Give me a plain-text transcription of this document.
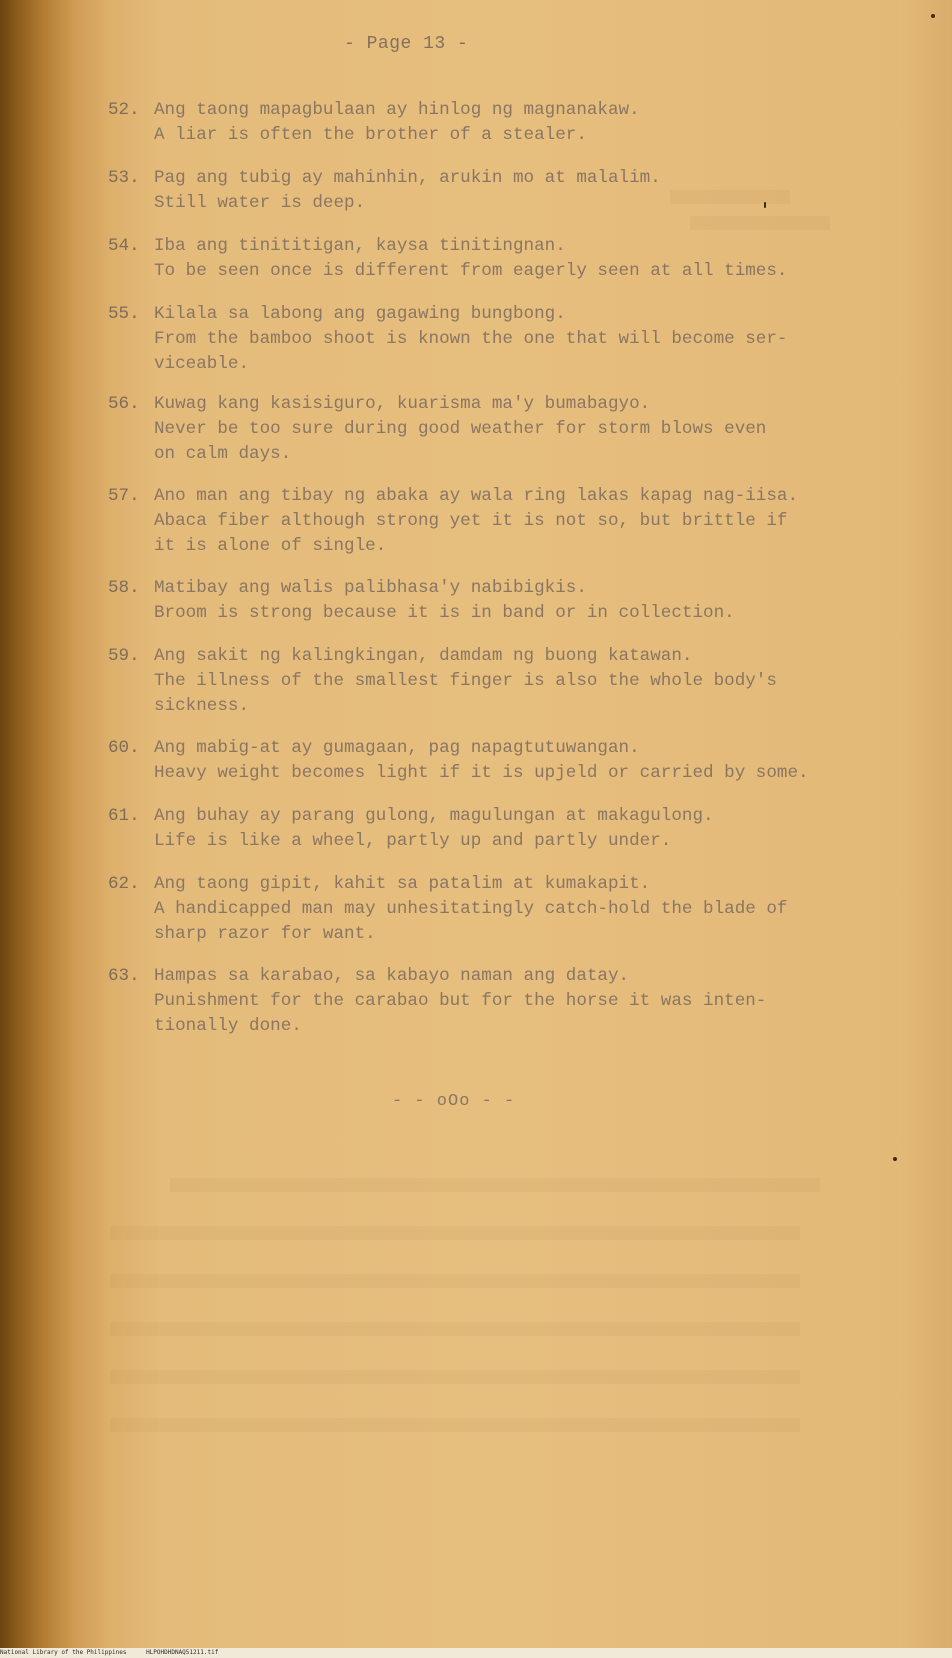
- Page 13 -
52. Ang taong mapagbulaan ay hinlog ng magnanakaw.
A liar is often the brother of a stealer.
53. Pag ang tubig ay mahinhin, arukin mo at malalim.
Still water is deep.
54. Iba ang tinititigan, kaysa tinitingnan.
To be seen once is different from eagerly seen at all times.
55. Kilala sa labong ang gagawing bungbong.
From the bamboo shoot is known the one that will become ser-
viceable.
56. Kuwag kang kasisiguro, kuarisma ma'y bumabagyo.
Never be too sure during good weather for storm blows even
on calm days.
57. Ano man ang tibay ng abaka ay wala ring lakas kapag nag-iisa.
Abaca fiber although strong yet it is not so, but brittle if
it is alone of single.
58. Matibay ang walis palibhasa'y nabibigkis.
Broom is strong because it is in band or in collection.
59. Ang sakit ng kalingkingan, damdam ng buong katawan.
The illness of the smallest finger is also the whole body's
sickness.
60. Ang mabig-at ay gumagaan, pag napagtutuwangan.
Heavy weight becomes light if it is upjeld or carried by some.
61. Ang buhay ay parang gulong, magulungan at makagulong.
Life is like a wheel, partly up and partly under.
62. Ang taong gipit, kahit sa patalim at kumakapit.
A handicapped man may unhesitatingly catch-hold the blade of
sharp razor for want.
63. Hampas sa karabao, sa kabayo naman ang datay.
Punishment for the carabao but for the horse it was inten-
tionally done.
- - oOo - -
National Library of the Philippines	HLPOHDHDNAQ51211.tif
